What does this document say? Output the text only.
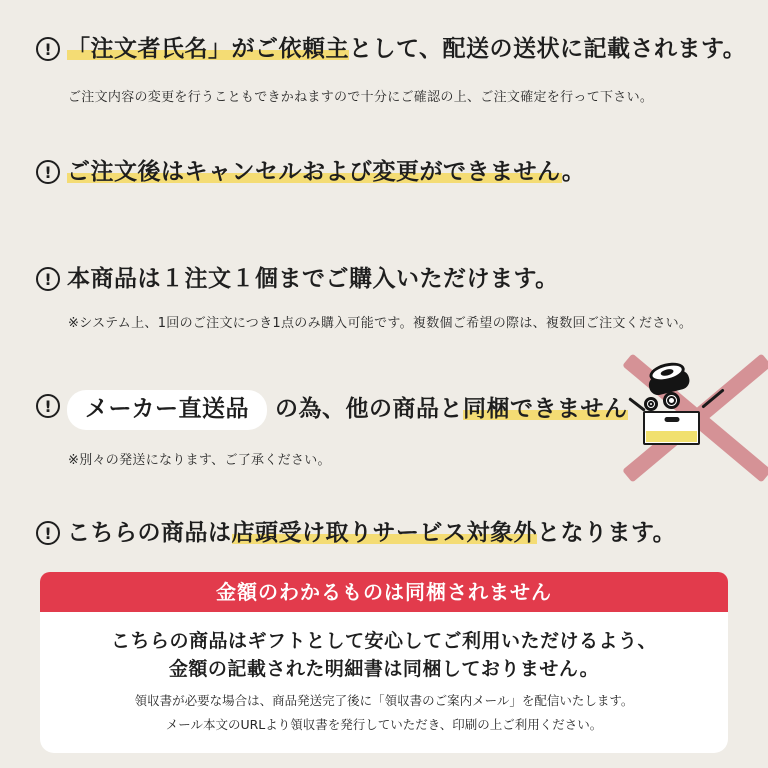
! 「注文者氏名」がご依頼主として、配送の送状に記載されます。

ご注文内容の変更を行うこともできかねますので十分にご確認の上、ご注文確定を行って下さい。

! ご注文後はキャンセルおよび変更ができません。

! 本商品は１注文１個までご購入いただけます。

※システム上、1回のご注文につき1点のみ購入可能です。複数個ご希望の際は、複数回ご注文ください。

!	メーカー直送品 の為、他の商品と同梱できません

※別々の発送になります、ご了承ください。

! こちらの商品は店頭受け取りサービス対象外となります。

金額のわかるものは同梱されません

こちらの商品はギフトとして安心してご利用いただけるよう、

金額の記載された明細書は同梱しておりません。

領収書が必要な場合は、商品発送完了後に「領収書のご案内メール」を配信いたします。

メール本文のURLより領収書を発行していただき、印刷の上ご利用ください。
